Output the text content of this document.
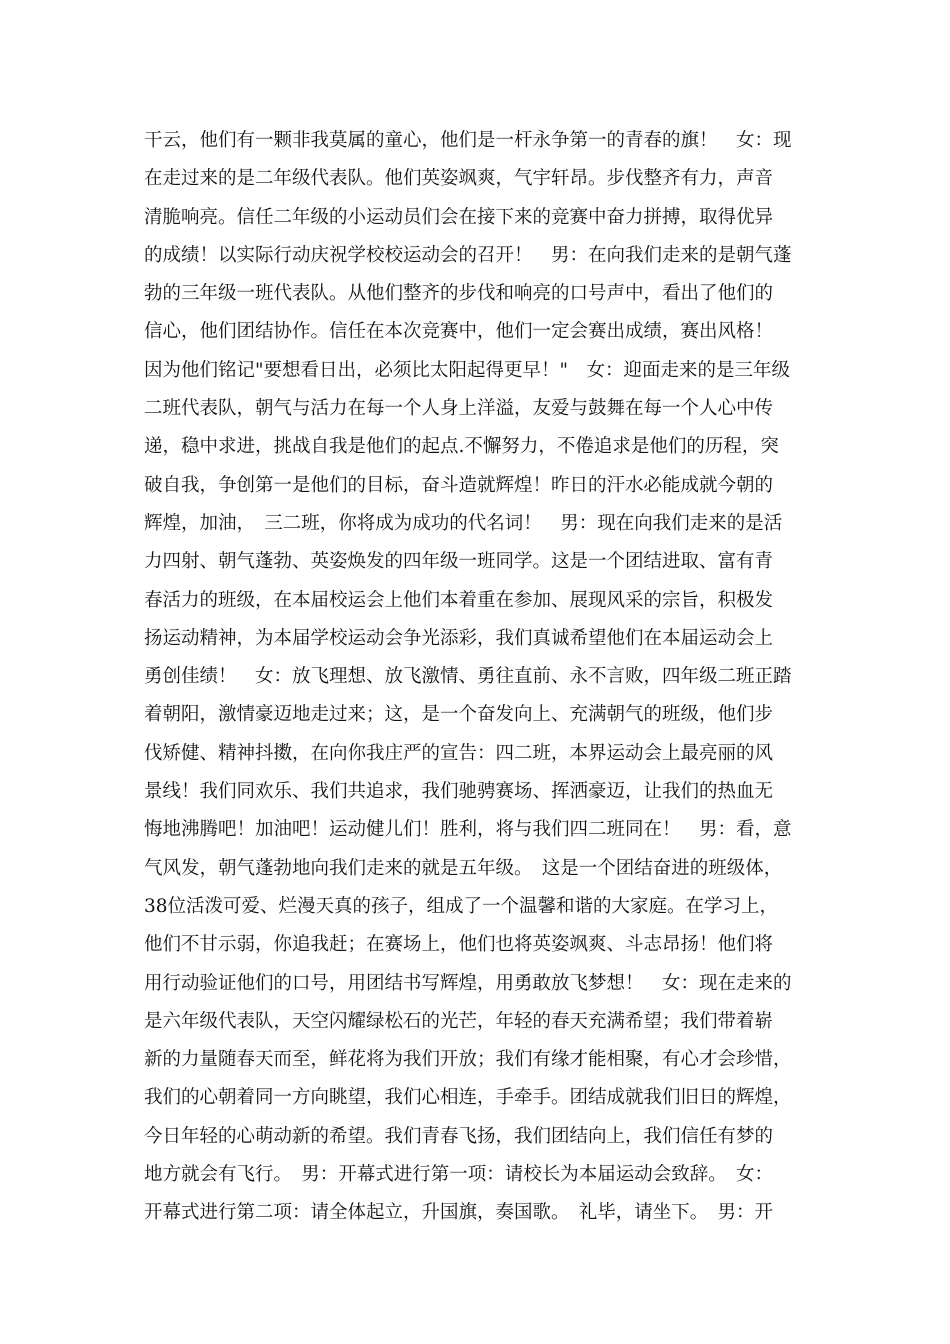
干云，他们有一颗非我莫属的童心，他们是一杆永争第一的青春的旗！　女：现
在走过来的是二年级代表队。他们英姿飒爽，气宇轩昂。步伐整齐有力，声音
清脆响亮。信任二年级的小运动员们会在接下来的竞赛中奋力拼搏，取得优异
的成绩！以实际行动庆祝学校校运动会的召开！　男：在向我们走来的是朝气蓬
勃的三年级一班代表队。从他们整齐的步伐和响亮的口号声中，看出了他们的
信心，他们团结协作。信任在本次竞赛中，他们一定会赛出成绩，赛出风格！
因为他们铭记"要想看日出，必须比太阳起得更早！"　女：迎面走来的是三年级
二班代表队，朝气与活力在每一个人身上洋溢，友爱与鼓舞在每一个人心中传
递，稳中求进，挑战自我是他们的起点.不懈努力，不倦追求是他们的历程，突
破自我，争创第一是他们的目标，奋斗造就辉煌！昨日的汗水必能成就今朝的
辉煌，加油，　三二班，你将成为成功的代名词！　男：现在向我们走来的是活
力四射、朝气蓬勃、英姿焕发的四年级一班同学。这是一个团结进取、富有青
春活力的班级，在本届校运会上他们本着重在参加、展现风采的宗旨，积极发
扬运动精神，为本届学校运动会争光添彩，我们真诚希望他们在本届运动会上
勇创佳绩！　女：放飞理想、放飞激情、勇往直前、永不言败，四年级二班正踏
着朝阳，激情豪迈地走过来；这，是一个奋发向上、充满朝气的班级，他们步
伐矫健、精神抖擞，在向你我庄严的宣告：四二班，本界运动会上最亮丽的风
景线！我们同欢乐、我们共追求，我们驰骋赛场、挥洒豪迈，让我们的热血无
悔地沸腾吧！加油吧！运动健儿们！胜利，将与我们四二班同在！　男：看，意
气风发，朝气蓬勃地向我们走来的就是五年级。　这是一个团结奋进的班级体，
38位活泼可爱、烂漫天真的孩子，组成了一个温馨和谐的大家庭。在学习上，
他们不甘示弱，你追我赶；在赛场上，他们也将英姿飒爽、斗志昂扬！他们将
用行动验证他们的口号，用团结书写辉煌，用勇敢放飞梦想！　女：现在走来的
是六年级代表队，天空闪耀绿松石的光芒，年轻的春天充满希望；我们带着崭
新的力量随春天而至，鲜花将为我们开放；我们有缘才能相聚，有心才会珍惜，
我们的心朝着同一方向眺望，我们心相连，手牵手。团结成就我们旧日的辉煌，
今日年轻的心萌动新的希望。我们青春飞扬，我们团结向上，我们信任有梦的
地方就会有飞行。　男：开幕式进行第一项：请校长为本届运动会致辞。　女：
开幕式进行第二项：请全体起立，升国旗，奏国歌。　礼毕，请坐下。　男：开
